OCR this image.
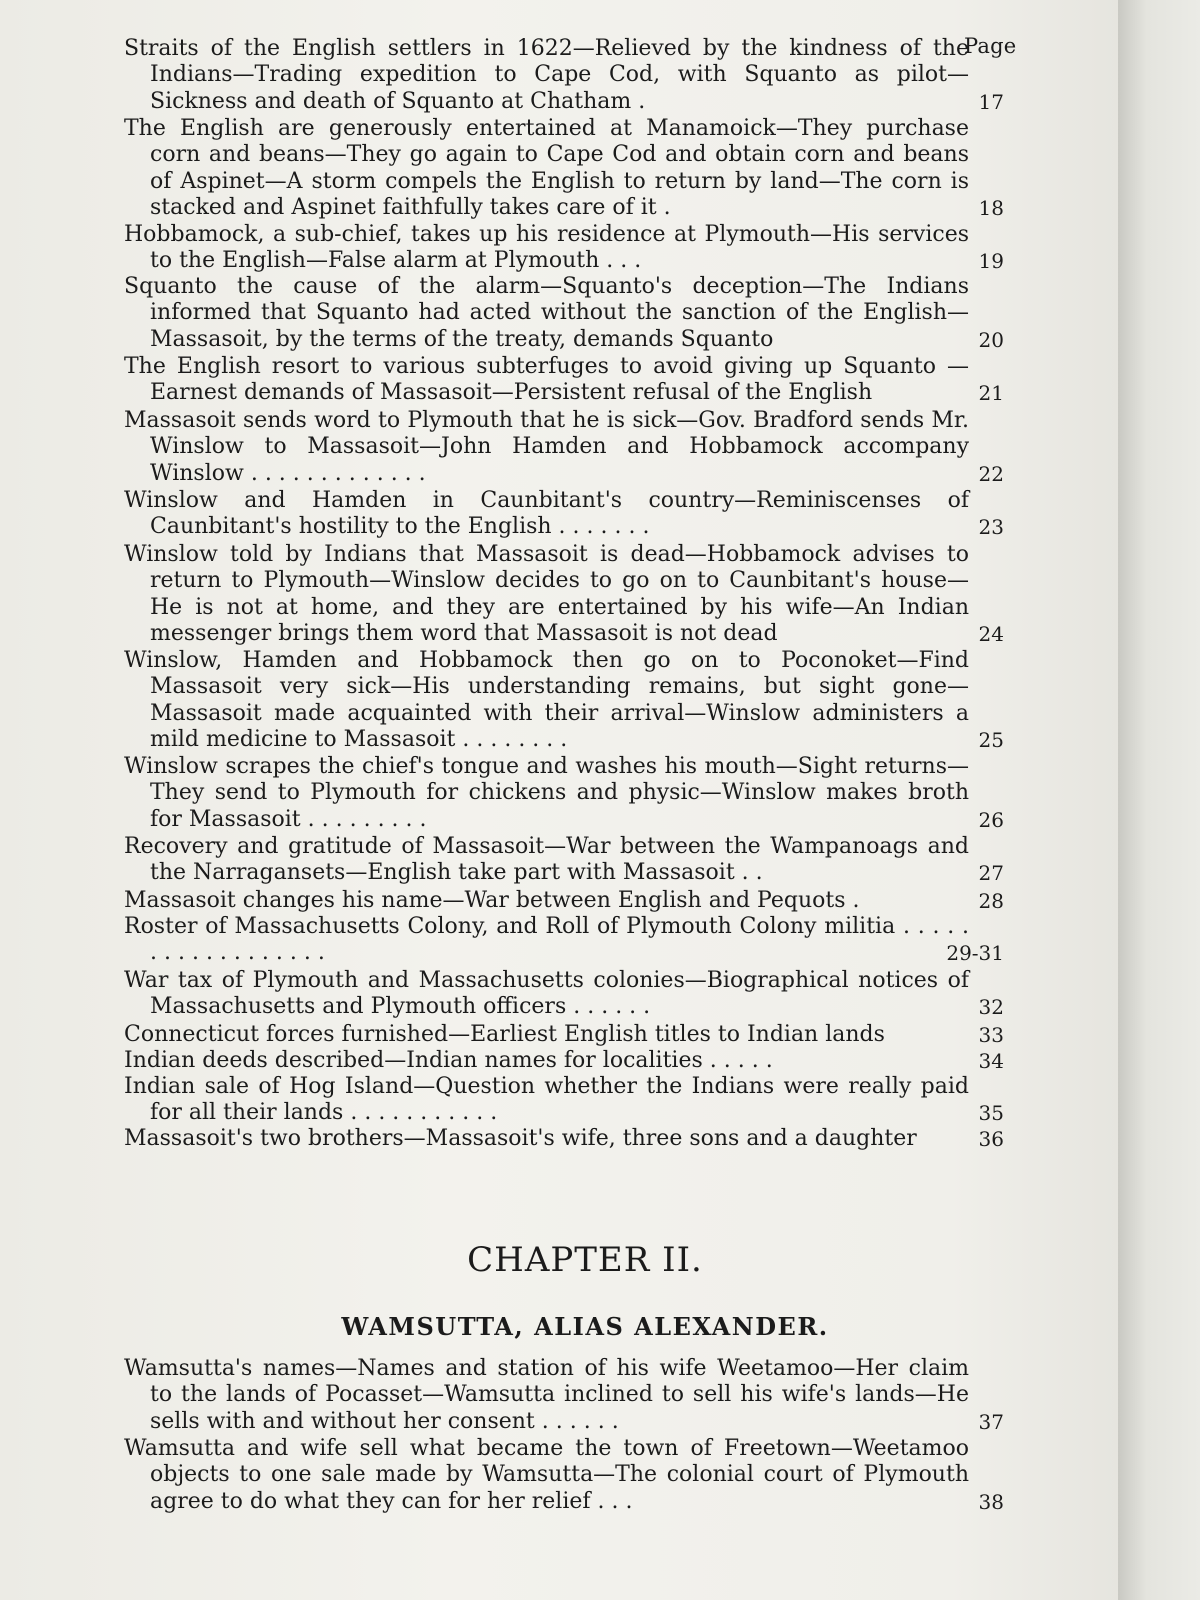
Page
Straits of the English settlers in 1622—Relieved by the kindness of the Indians—Trading expedition to Cape Cod, with Squanto as pilot—Sickness and death of Squanto at Chatham .	17
The English are generously entertained at Manamoick—They purchase corn and beans—They go again to Cape Cod and obtain corn and beans of Aspinet—A storm compels the English to return by land—The corn is stacked and Aspinet faithfully takes care of it .	18
Hobbamock, a sub-chief, takes up his residence at Plymouth—His services to the English—False alarm at Plymouth . . .	19
Squanto the cause of the alarm—Squanto's deception—The Indians informed that Squanto had acted without the sanction of the English—Massasoit, by the terms of the treaty, demands Squanto	20
The English resort to various subterfuges to avoid giving up Squanto —Earnest demands of Massasoit—Persistent refusal of the English	21
Massasoit sends word to Plymouth that he is sick—Gov. Bradford sends Mr. Winslow to Massasoit—John Hamden and Hobbamock accompany Winslow . . . . . . . . . . . . .	22
Winslow and Hamden in Caunbitant's country—Reminiscenses of Caunbitant's hostility to the English . . . . . . .	23
Winslow told by Indians that Massasoit is dead—Hobbamock advises to return to Plymouth—Winslow decides to go on to Caunbitant's house—He is not at home, and they are entertained by his wife—An Indian messenger brings them word that Massasoit is not dead	24
Winslow, Hamden and Hobbamock then go on to Poconoket—Find Massasoit very sick—His understanding remains, but sight gone—Massasoit made acquainted with their arrival—Winslow administers a mild medicine to Massasoit . . . . . . . .	25
Winslow scrapes the chief's tongue and washes his mouth—Sight returns—They send to Plymouth for chickens and physic—Winslow makes broth for Massasoit . . . . . . . . .	26
Recovery and gratitude of Massasoit—War between the Wampanoags and the Narragansets—English take part with Massasoit . .	27
Massasoit changes his name—War between English and Pequots .	28
Roster of Massachusetts Colony, and Roll of Plymouth Colony militia . . . . . . . . . . . . . . . . . .	29-31
War tax of Plymouth and Massachusetts colonies—Biographical notices of Massachusetts and Plymouth officers . . . . . .	32
Connecticut forces furnished—Earliest English titles to Indian lands	33
Indian deeds described—Indian names for localities . . . . .	34
Indian sale of Hog Island—Question whether the Indians were really paid for all their lands . . . . . . . . . . .	35
Massasoit's two brothers—Massasoit's wife, three sons and a daughter	36
CHAPTER II.
WAMSUTTA, ALIAS ALEXANDER.
Wamsutta's names—Names and station of his wife Weetamoo—Her claim to the lands of Pocasset—Wamsutta inclined to sell his wife's lands—He sells with and without her consent . . . . . .	37
Wamsutta and wife sell what became the town of Freetown—Weetamoo objects to one sale made by Wamsutta—The colonial court of Plymouth agree to do what they can for her relief . . .	38
